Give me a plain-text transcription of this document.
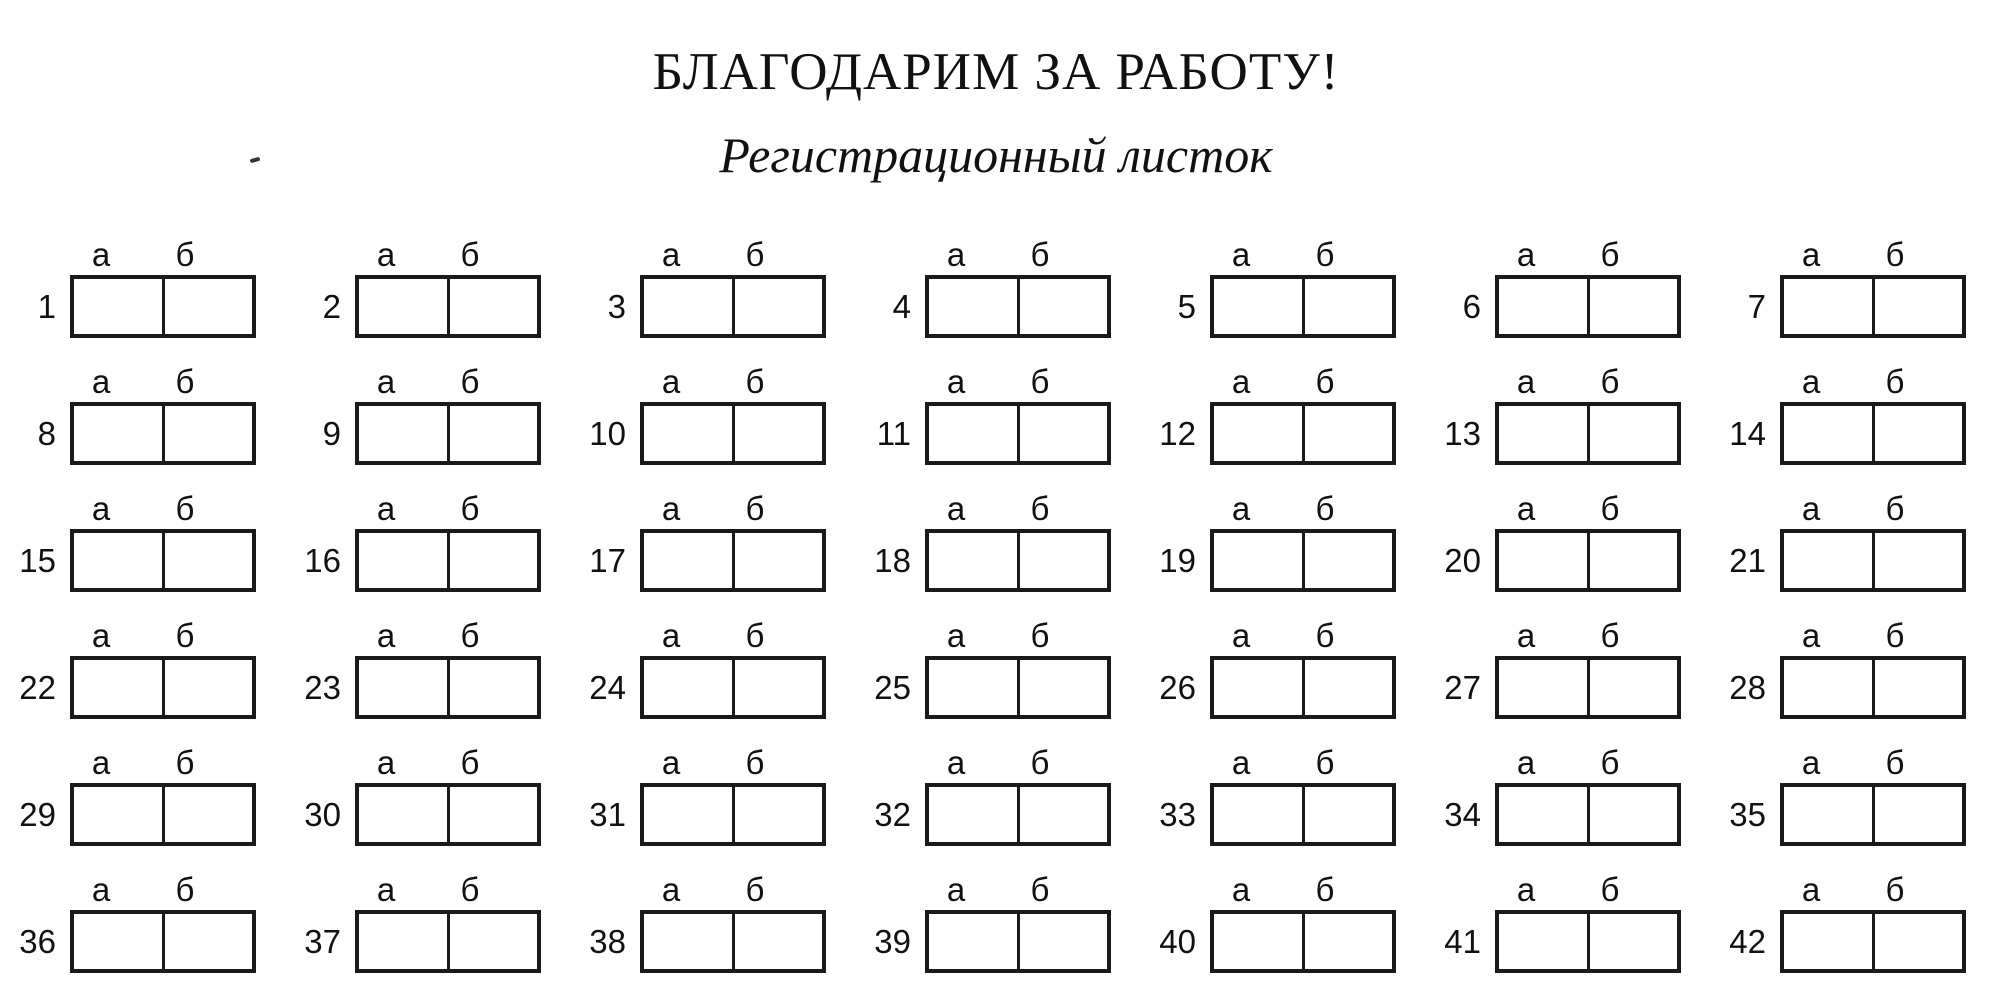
БЛАГОДАРИМ ЗА РАБОТУ!
Регистрационный листок
а	б
1
а	б
2
а	б
3
а	б
4
а	б
5
а	б
6
а	б
7
а	б
8
а	б
9
а	б
10
а	б
11
а	б
12
а	б
13
а	б
14
а	б
15
а	б
16
а	б
17
а	б
18
а	б
19
а	б
20
а	б
21
а	б
22
а	б
23
а	б
24
а	б
25
а	б
26
а	б
27
а	б
28
а	б
29
а	б
30
а	б
31
а	б
32
а	б
33
а	б
34
а	б
35
а	б
36
а	б
37
а	б
38
а	б
39
а	б
40
а	б
41
а	б
42
